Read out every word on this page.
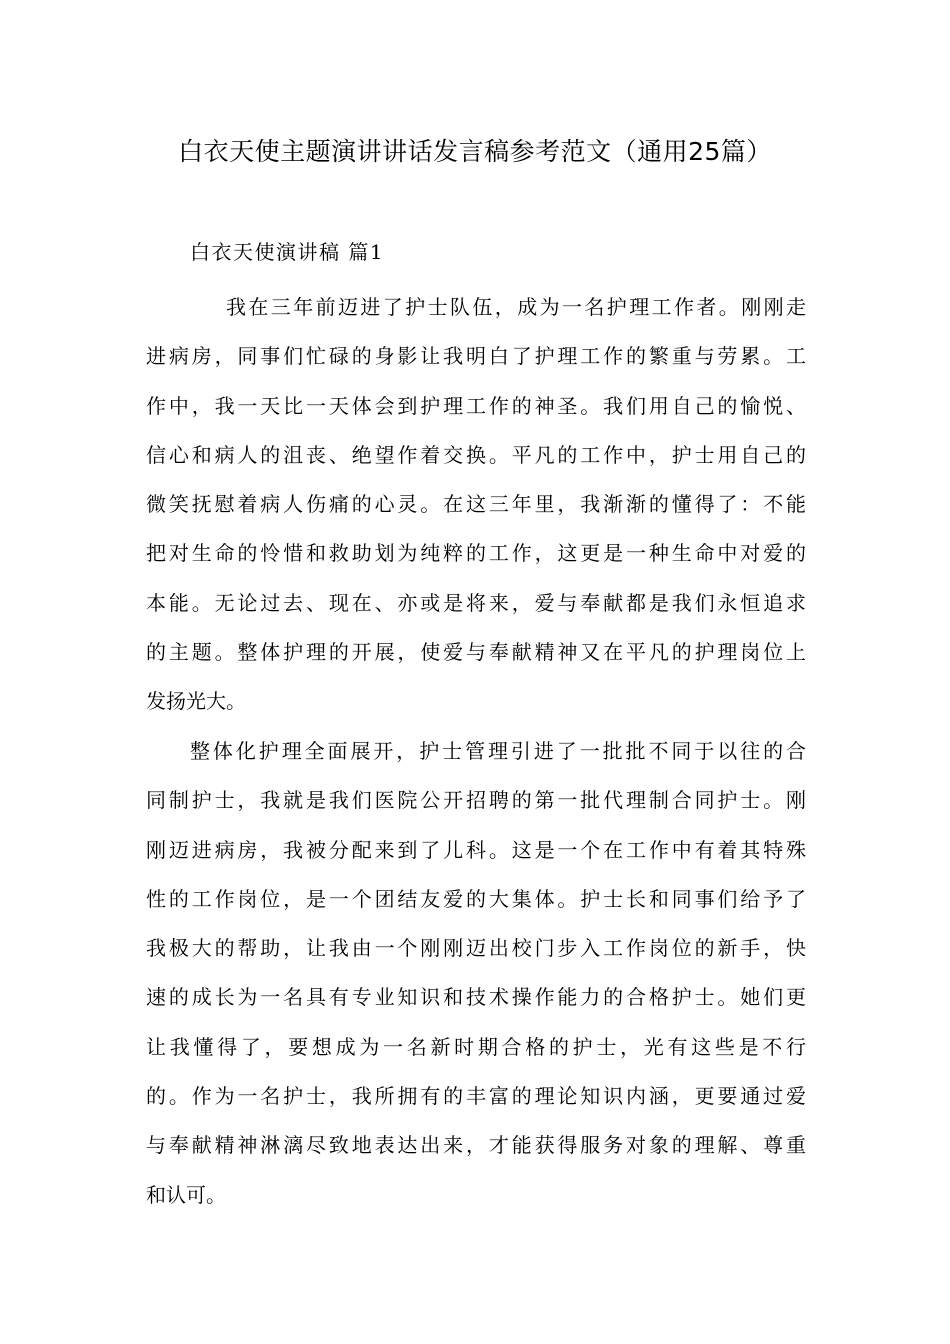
白衣天使主题演讲讲话发言稿参考范文（通用25篇）
白衣天使演讲稿 篇1
我在三年前迈进了护士队伍，成为一名护理工作者。刚刚走
进病房，同事们忙碌的身影让我明白了护理工作的繁重与劳累。工
作中，我一天比一天体会到护理工作的神圣。我们用自己的愉悦、
信心和病人的沮丧、绝望作着交换。平凡的工作中，护士用自己的
微笑抚慰着病人伤痛的心灵。在这三年里，我渐渐的懂得了：不能
把对生命的怜惜和救助划为纯粹的工作，这更是一种生命中对爱的
本能。无论过去、现在、亦或是将来，爱与奉献都是我们永恒追求
的主题。整体护理的开展，使爱与奉献精神又在平凡的护理岗位上
发扬光大。
整体化护理全面展开，护士管理引进了一批批不同于以往的合
同制护士，我就是我们医院公开招聘的第一批代理制合同护士。刚
刚迈进病房，我被分配来到了儿科。这是一个在工作中有着其特殊
性的工作岗位，是一个团结友爱的大集体。护士长和同事们给予了
我极大的帮助，让我由一个刚刚迈出校门步入工作岗位的新手，快
速的成长为一名具有专业知识和技术操作能力的合格护士。她们更
让我懂得了，要想成为一名新时期合格的护士，光有这些是不行
的。作为一名护士，我所拥有的丰富的理论知识内涵，更要通过爱
与奉献精神淋漓尽致地表达出来，才能获得服务对象的理解、尊重
和认可。
